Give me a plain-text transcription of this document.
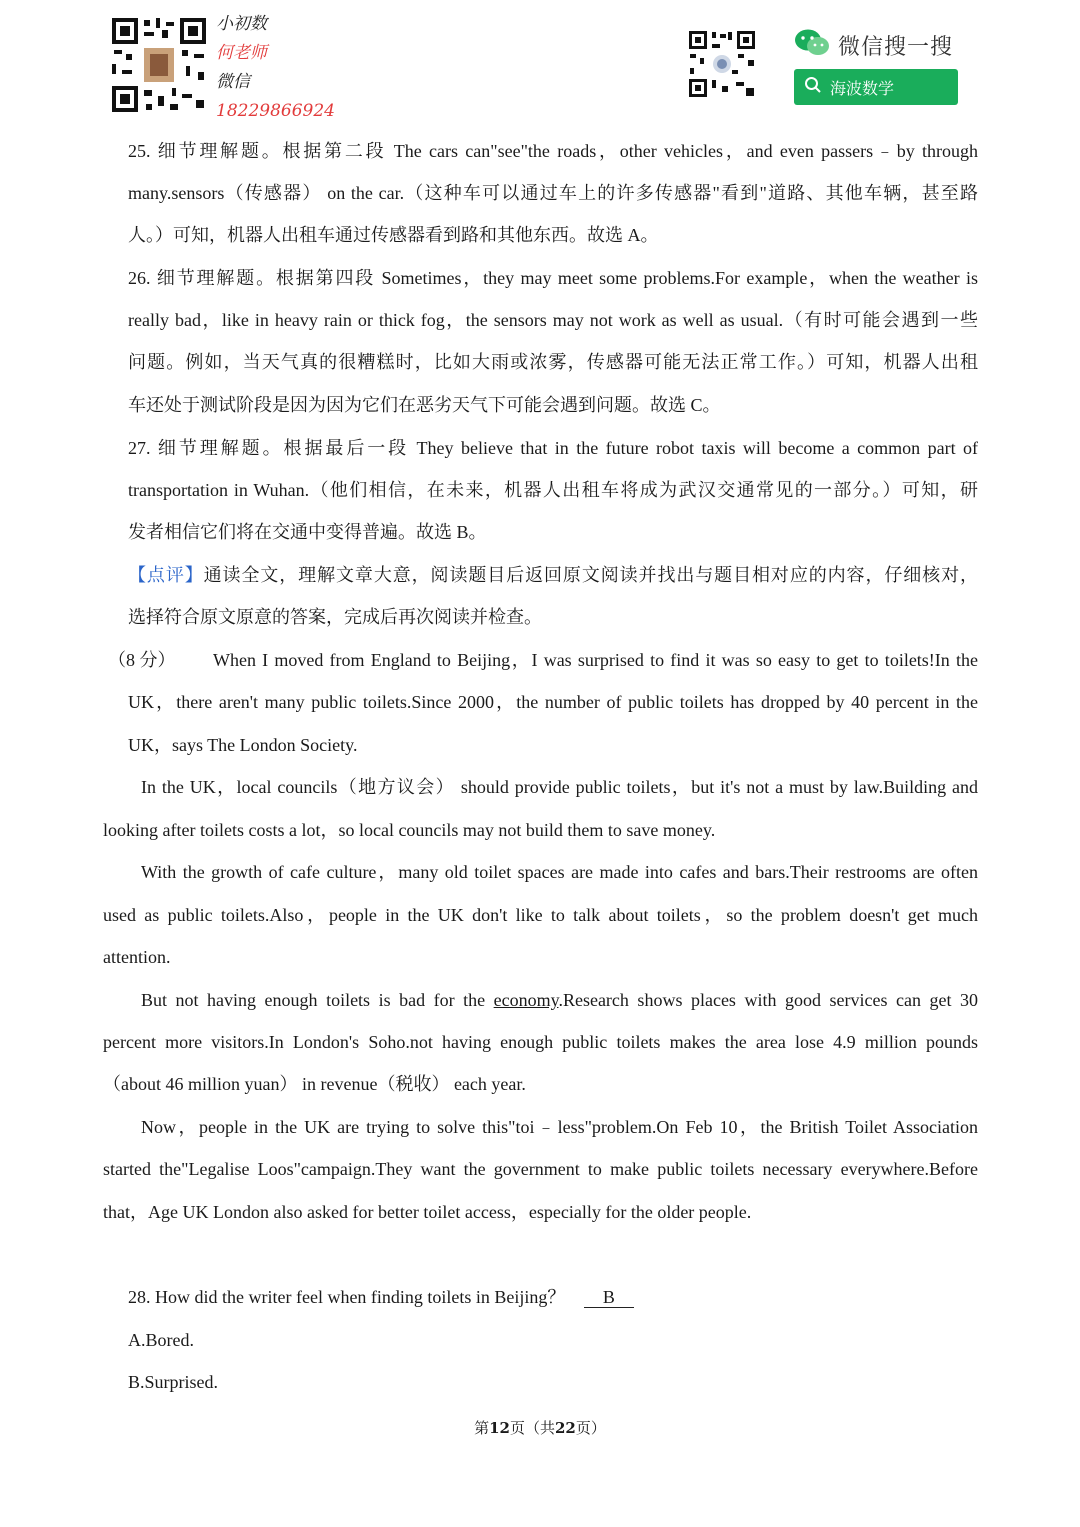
小初数
何老师
微信
18229866924
微信搜一搜
海波数学
25. 细节理解题。根据第二段 The cars can"see"the roads，other vehicles，and even passers﹣by through
many.sensors（传感器） on the car.（这种车可以通过车上的许多传感器"看到"道路、其他车辆，甚至路
人。）可知，机器人出租车通过传感器看到路和其他东西。故选 A。
26. 细节理解题。根据第四段 Sometimes，they may meet some problems.For example，when the weather is
really bad，like in heavy rain or thick fog，the sensors may not work as well as usual.（有时可能会遇到一些
问题。例如，当天气真的很糟糕时，比如大雨或浓雾，传感器可能无法正常工作。）可知，机器人出租
车还处于测试阶段是因为因为它们在恶劣天气下可能会遇到问题。故选 C。
27. 细节理解题。根据最后一段 They believe that in the future robot taxis will become a common part of
transportation in Wuhan.（他们相信，在未来，机器人出租车将成为武汉交通常见的一部分。）可知，研
发者相信它们将在交通中变得普遍。故选 B。
【点评】通读全文，理解文章大意，阅读题目后返回原文阅读并找出与题目相对应的内容，仔细核对，
选择符合原文原意的答案，完成后再次阅读并检查。
（8 分） When I moved from England to Beijing，I was surprised to find it was so easy to get to toilets!In the
UK，there aren't many public toilets.Since 2000，the number of public toilets has dropped by 40 percent in the
UK，says The London Society.
In the UK，local councils（地方议会） should provide public toilets，but it's not a must by law.Building and
looking after toilets costs a lot，so local councils may not build them to save money.
With the growth of cafe culture，many old toilet spaces are made into cafes and bars.Their restrooms are often
used as public toilets.Also，people in the UK don't like to talk about toilets，so the problem doesn't get much
attention.
But not having enough toilets is bad for the economy.Research shows places with good services can get 30
percent more visitors.In London's Soho.not having enough public toilets makes the area lose 4.9 million pounds
（about 46 million yuan） in revenue（税收） each year.
Now，people in the UK are trying to solve this"toi﹣less"problem.On Feb 10，the British Toilet Association
started the"Legalise Loos"campaign.They want the government to make public toilets necessary everywhere.Before
that，Age UK London also asked for better toilet access，especially for the older people.
28. How did the writer feel when finding toilets in Beijing？ B
A.Bored.
B.Surprised.
第12页（共22页）
